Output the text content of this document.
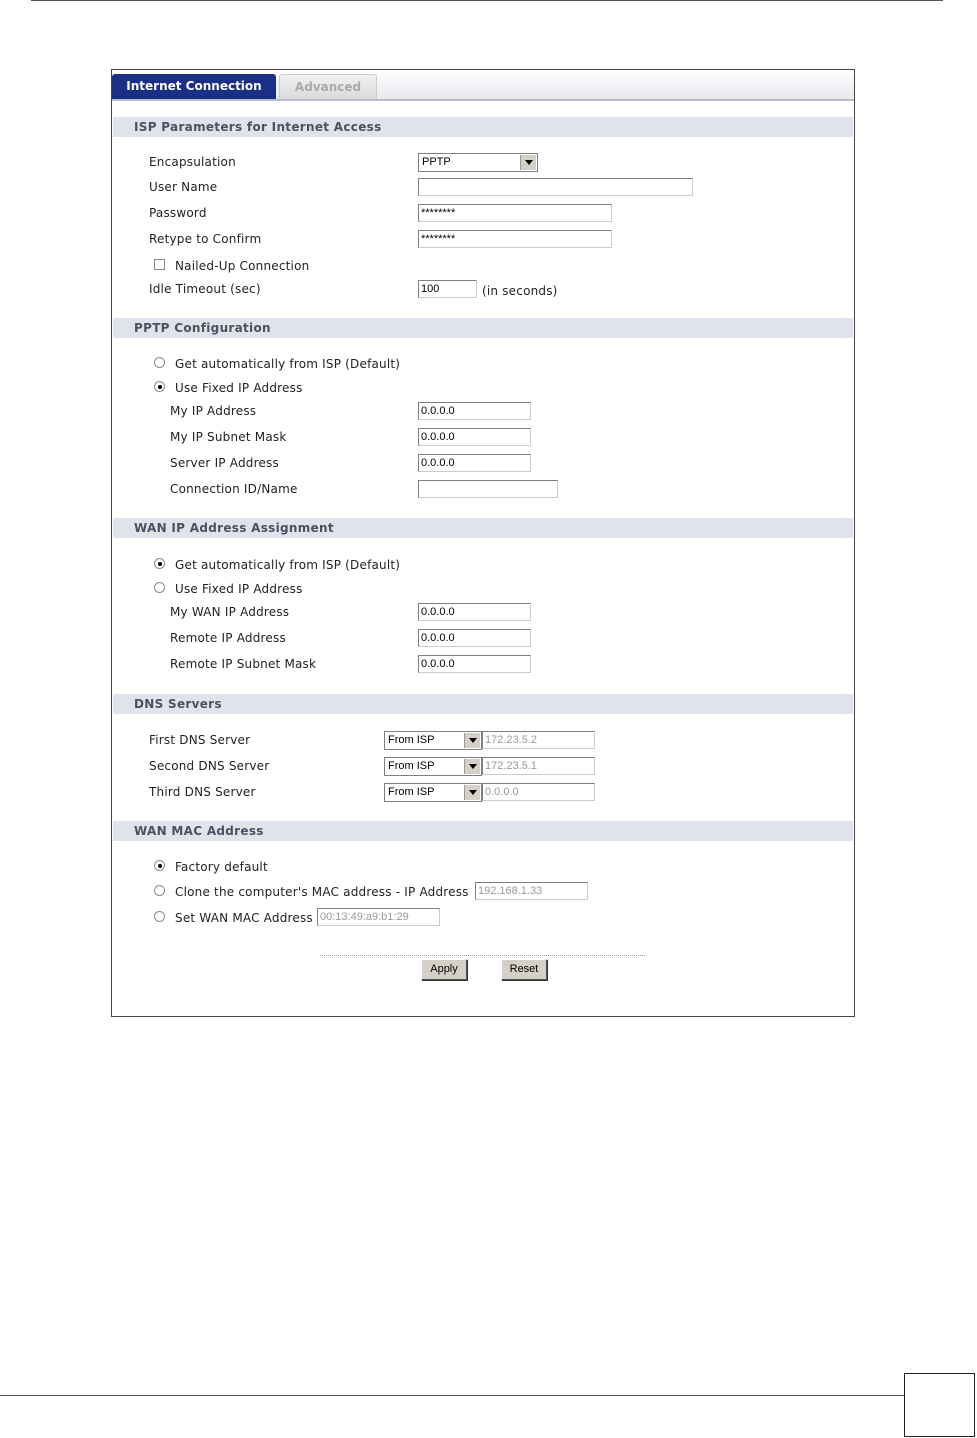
Internet Connection	Advanced
ISP Parameters for Internet Access
Encapsulation	PPTP
User Name
Password	********
Retype to Confirm	********
Nailed-Up Connection
Idle Timeout (sec)	100	(in seconds)
PPTP Configuration
Get automatically from ISP (Default)
Use Fixed IP Address
My IP Address	0.0.0.0
My IP Subnet Mask	0.0.0.0
Server IP Address	0.0.0.0
Connection ID/Name
WAN IP Address Assignment
Get automatically from ISP (Default)
Use Fixed IP Address
My WAN IP Address	0.0.0.0
Remote IP Address	0.0.0.0
Remote IP Subnet Mask	0.0.0.0
DNS Servers
First DNS Server	From ISP	172.23.5.2
Second DNS Server	From ISP	172.23.5.1
Third DNS Server	From ISP	0.0.0.0
WAN MAC Address
Factory default
Clone the computer's MAC address - IP Address 192.168.1.33
Set WAN MAC Address 00:13:49:a9:b1:29
Apply	Reset
